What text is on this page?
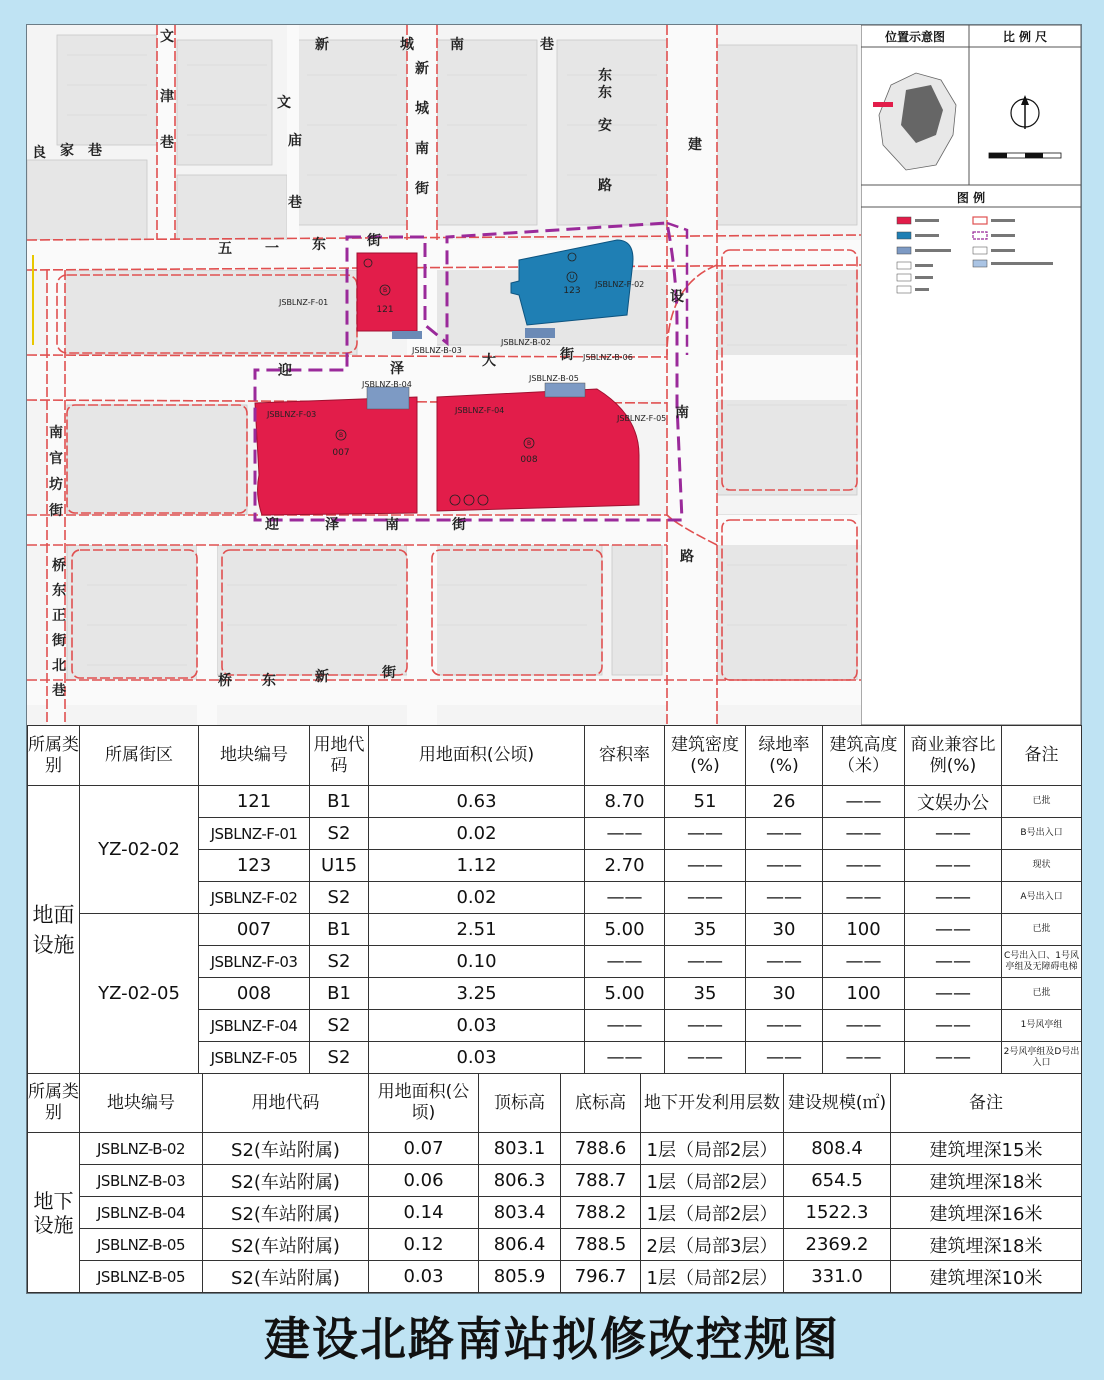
JSBLNZ-F-01
JSBLNZ-F-02
JSBLNZ-F-03	JSBLNZ-F-04
JSBLNZ-B-03
JSBLNZ-B-02
JSBLNZ-B-04
JSBLNZ-B-05
JSBLNZ-B-06
JSBLNZ-F-05
121
123
007
008
B
U
B
B
文	新	城	南	巷
东
文
津
巷
新
城
南
街
东
安
路
五 一 东	街
庙
巷
建
设
南
路
迎	泽	大	街
迎	泽	南	街
桥 东	新	街
南
官
坊
街
桥
东
正
街
北
巷
良 家 巷
位置示意图	比 例 尺
图 例
所属类别	所属街区	地块编号	用地代码	用地面积(公顷)	容积率	建筑密度(%)	绿地率(%)	建筑高度（米）	商业兼容比例(%)	备注
地面设施	YZ-02-02	121	B1	0.63	8.70	51	26	——	文娱办公	已批
		JSBLNZ-F-01	S2	0.02	——	——	——	——	——	B号出入口
		123	U15	1.12	2.70	——	——	——	——	现状
		JSBLNZ-F-02	S2	0.02	——	——	——	——	——	A号出入口
	YZ-02-05	007	B1	2.51	5.00	35	30	100	——	已批
		JSBLNZ-F-03	S2	0.10	——	——	——	——	——	C号出入口、1号风亭组及无障碍电梯
		008	B1	3.25	5.00	35	30	100	——	已批
		JSBLNZ-F-04	S2	0.03	——	——	——	——	——	1号风亭组
		JSBLNZ-F-05	S2	0.03	——	——	——	——	——	2号风亭组及D号出入口
所属类别	地块编号	用地代码	用地面积(公顷)	顶标高	底标高	地下开发利用层数	建设规模(㎡)	备注
地下设施	JSBLNZ-B-02	S2(车站附属)	0.07	803.1	788.6	1层（局部2层）	808.4	建筑埋深15米
	JSBLNZ-B-03	S2(车站附属)	0.06	806.3	788.7	1层（局部2层）	654.5	建筑埋深18米
	JSBLNZ-B-04	S2(车站附属)	0.14	803.4	788.2	1层（局部2层）	1522.3	建筑埋深16米
	JSBLNZ-B-05	S2(车站附属)	0.12	806.4	788.5	2层（局部3层）	2369.2	建筑埋深18米
	JSBLNZ-B-05	S2(车站附属)	0.03	805.9	796.7	1层（局部2层）	331.0	建筑埋深10米
建设北路南站拟修改控规图
